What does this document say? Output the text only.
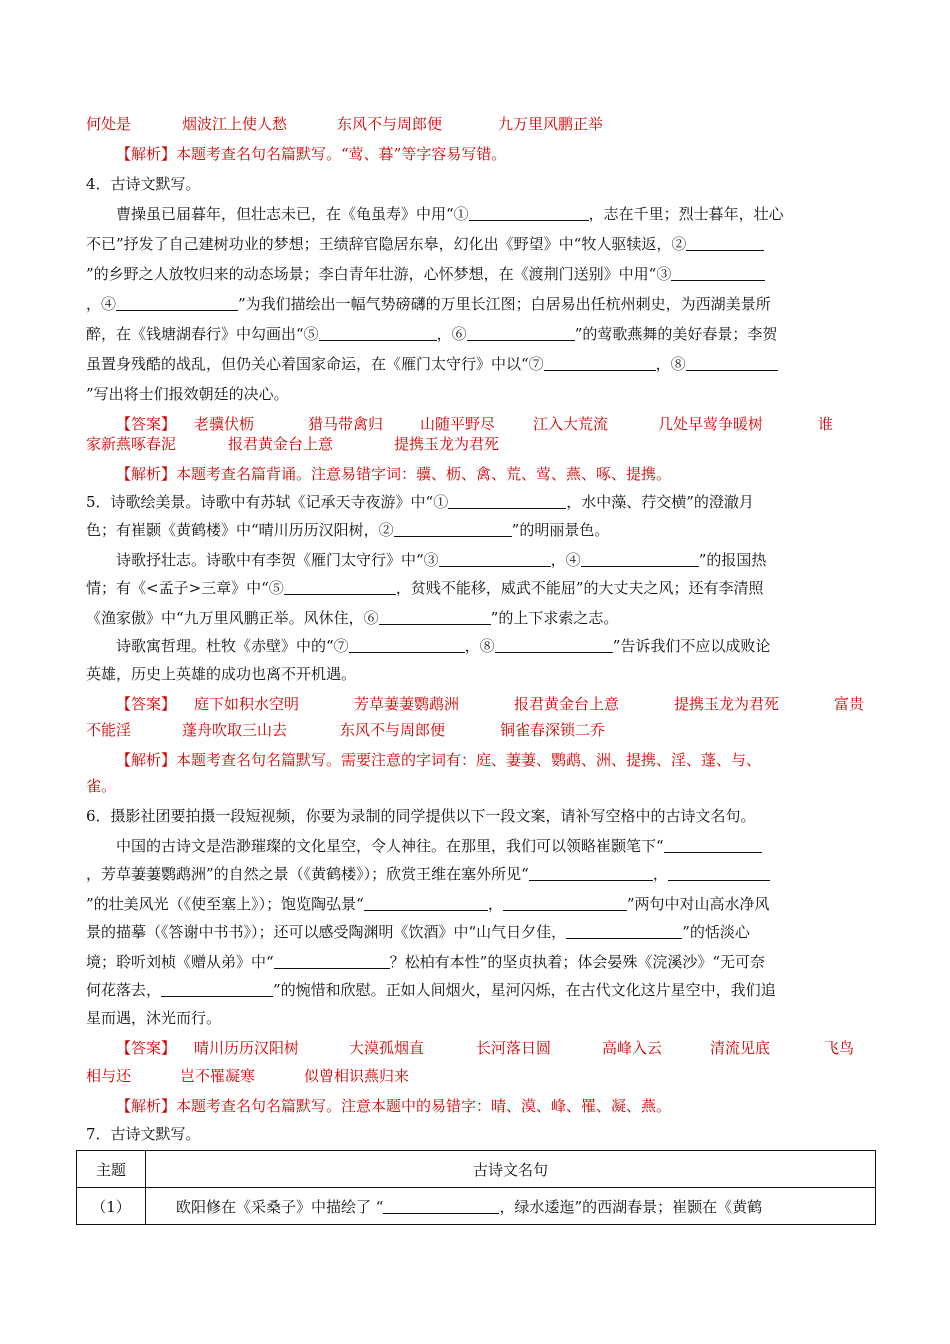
何处是	烟波江上使人愁	东风不与周郎便	九万里风鹏正举
【解析】本题考查名句名篇默写。“莺、暮”等字容易写错。
4．古诗文默写。
曹操虽已届暮年，但壮志未已，在《龟虽寿》中用“①	，志在千里；烈士暮年，壮心
不已”抒发了自己建树功业的梦想；王绩辞官隐居东皋，幻化出《野望》中“牧人驱犊返，②
”的乡野之人放牧归来的动态场景；李白青年壮游，心怀梦想，在《渡荆门送别》中用“③
，④	”为我们描绘出一幅气势磅礴的万里长江图；白居易出任杭州刺史，为西湖美景所
醉，在《钱塘湖春行》中勾画出“⑤	，⑥	”的莺歌燕舞的美好春景；李贺
虽置身残酷的战乱，但仍关心着国家命运，在《雁门太守行》中以“⑦	，⑧
”写出将士们报效朝廷的决心。
【答案】 老骥伏枥	猎马带禽归 山随平野尽	江入大荒流	几处早莺争暖树	谁
家新燕啄春泥	报君黄金台上意	提携玉龙为君死
【解析】本题考查名篇背诵。注意易错字词：骥、枥、禽、荒、莺、燕、啄、提携。
5．诗歌绘美景。诗歌中有苏轼《记承天寺夜游》中“①	，水中藻、荇交横”的澄澈月
色；有崔颢《黄鹤楼》中“晴川历历汉阳树，②	”的明丽景色。
诗歌抒壮志。诗歌中有李贺《雁门太守行》中“③	，④	”的报国热
情；有《<孟子>三章》中“⑤	，贫贱不能移，威武不能屈”的大丈夫之风；还有李清照
《渔家傲》中“九万里风鹏正举。风休住，⑥	”的上下求索之志。
诗歌寓哲理。杜牧《赤壁》中的“⑦	，⑧	”告诉我们不应以成败论
英雄，历史上英雄的成功也离不开机遇。
【答案】 庭下如积水空明	芳草萋萋鹦鹉洲	报君黄金台上意	提携玉龙为君死	富贵
不能淫	蓬舟吹取三山去	东风不与周郎便	铜雀春深锁二乔
【解析】本题考查名句名篇默写。需要注意的字词有：庭、萋萋、鹦鹉、洲、提携、淫、蓬、与、
雀。
6．摄影社团要拍摄一段短视频，你要为录制的同学提供以下一段文案，请补写空格中的古诗文名句。
中国的古诗文是浩渺璀璨的文化星空，令人神往。在那里，我们可以领略崔颢笔下“
，芳草萋萋鹦鹉洲”的自然之景（《黄鹤楼》）；欣赏王维在塞外所见“	，
”的壮美风光（《使至塞上》）；饱览陶弘景“	，	”两句中对山高水净风
景的描摹（《答谢中书书》）；还可以感受陶渊明《饮酒》中“山气日夕佳，	”的恬淡心
境；聆听刘桢《赠从弟》中“	？松柏有本性”的坚贞执着；体会晏殊《浣溪沙》“无可奈
何花落去，	”的惋惜和欣慰。正如人间烟火，星河闪烁，在古代文化这片星空中，我们追
星而遇，沐光而行。
【答案】 晴川历历汉阳树	大漠孤烟直	长河落日圆	高峰入云	清流见底	飞鸟
相与还	岂不罹凝寒	似曾相识燕归来
【解析】本题考查名句名篇默写。注意本题中的易错字：晴、漠、峰、罹、凝、燕。
7．古诗文默写。
主题	古诗文名句
（1）	欧阳修在《采桑子》中描绘了 “ ，绿水逶迤”的西湖春景；崔颢在《黄鹤
